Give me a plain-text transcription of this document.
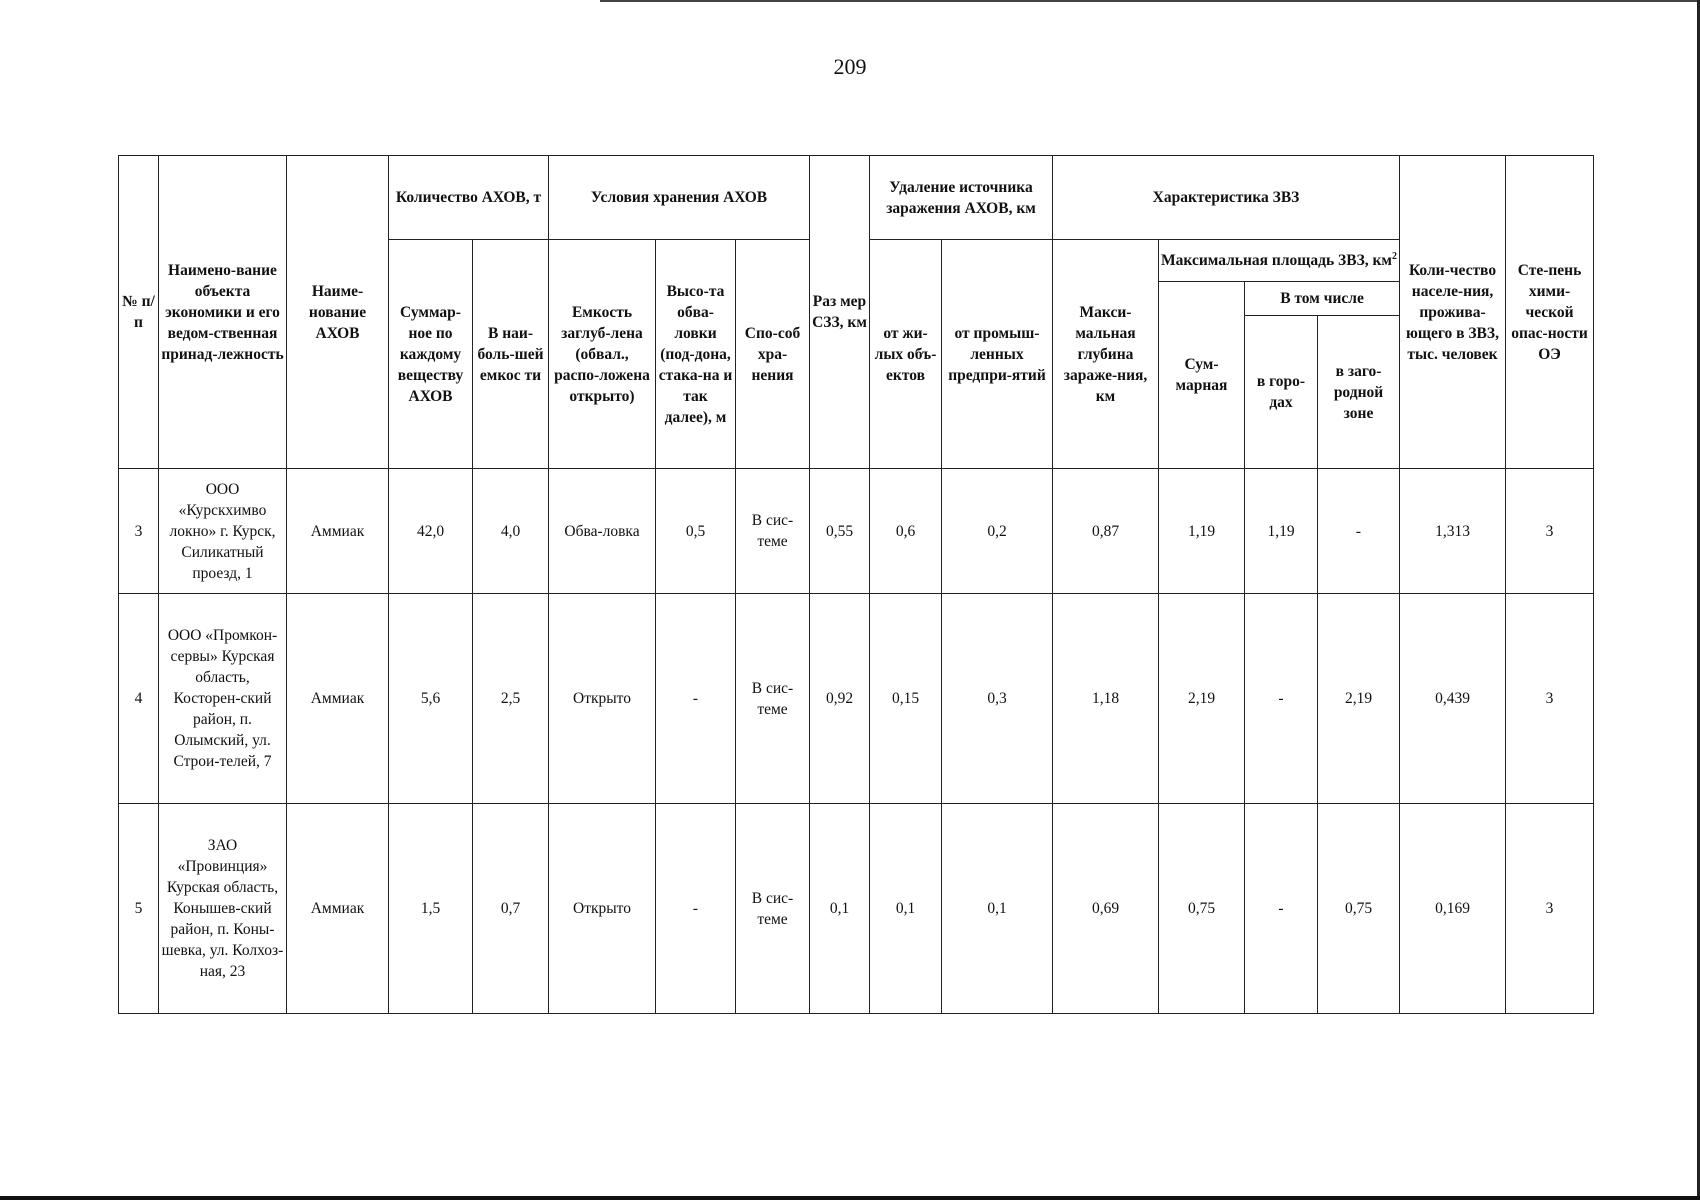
209
№ п/п	Наимено-вание объекта экономики и его ведом-ственная принад-лежность	Наиме-нование АХОВ	Количество АХОВ, т		Условия хранения АХОВ			Раз мер СЗЗ, км	Удаление источника заражения АХОВ, км		Характеристика ЗВЗ				Коли-чество населе-ния, прожива-ющего в ЗВЗ, тыс. человек	Сте-пень хими-ческой опас-ности ОЭ
			Суммар-ное по каждому веществу АХОВ	В наи-боль-шей емкос ти	Емкость заглуб-лена (обвал., распо-ложена открыто)	Высо-та обва-ловки (под-дона, стака-на и так далее), м	Спо-соб хра-нения		от жи-лых объ-ектов	от промыш-ленных предпри-ятий	Макси-мальная глубина зараже-ния, км	Максимальная площадь ЗВЗ, $км^2$
												Сум-марная	В том числе			
													в горо-дах	в заго-родной зоне		
3	ООО «Курскхимво локно» г. Курск, Силикатный проезд, 1	Аммиак	42,0	4,0	Обва-ловка	0,5	В сис-теме	0,55	0,6	0,2	0,87	1,19	1,19	-	1,313	3
4	ООО «Промкон-сервы» Курская область, Косторен-ский район, п. Олымский, ул. Строи-телей, 7	Аммиак	5,6	2,5	Открыто	-	В сис-теме	0,92	0,15	0,3	1,18	2,19	-	2,19	0,439	3
5	ЗАО «Провинция» Курская область, Конышев-ский район, п. Коны-шевка, ул. Колхоз-ная, 23	Аммиак	1,5	0,7	Открыто	-	В сис-теме	0,1	0,1	0,1	0,69	0,75	-	0,75	0,169	3
